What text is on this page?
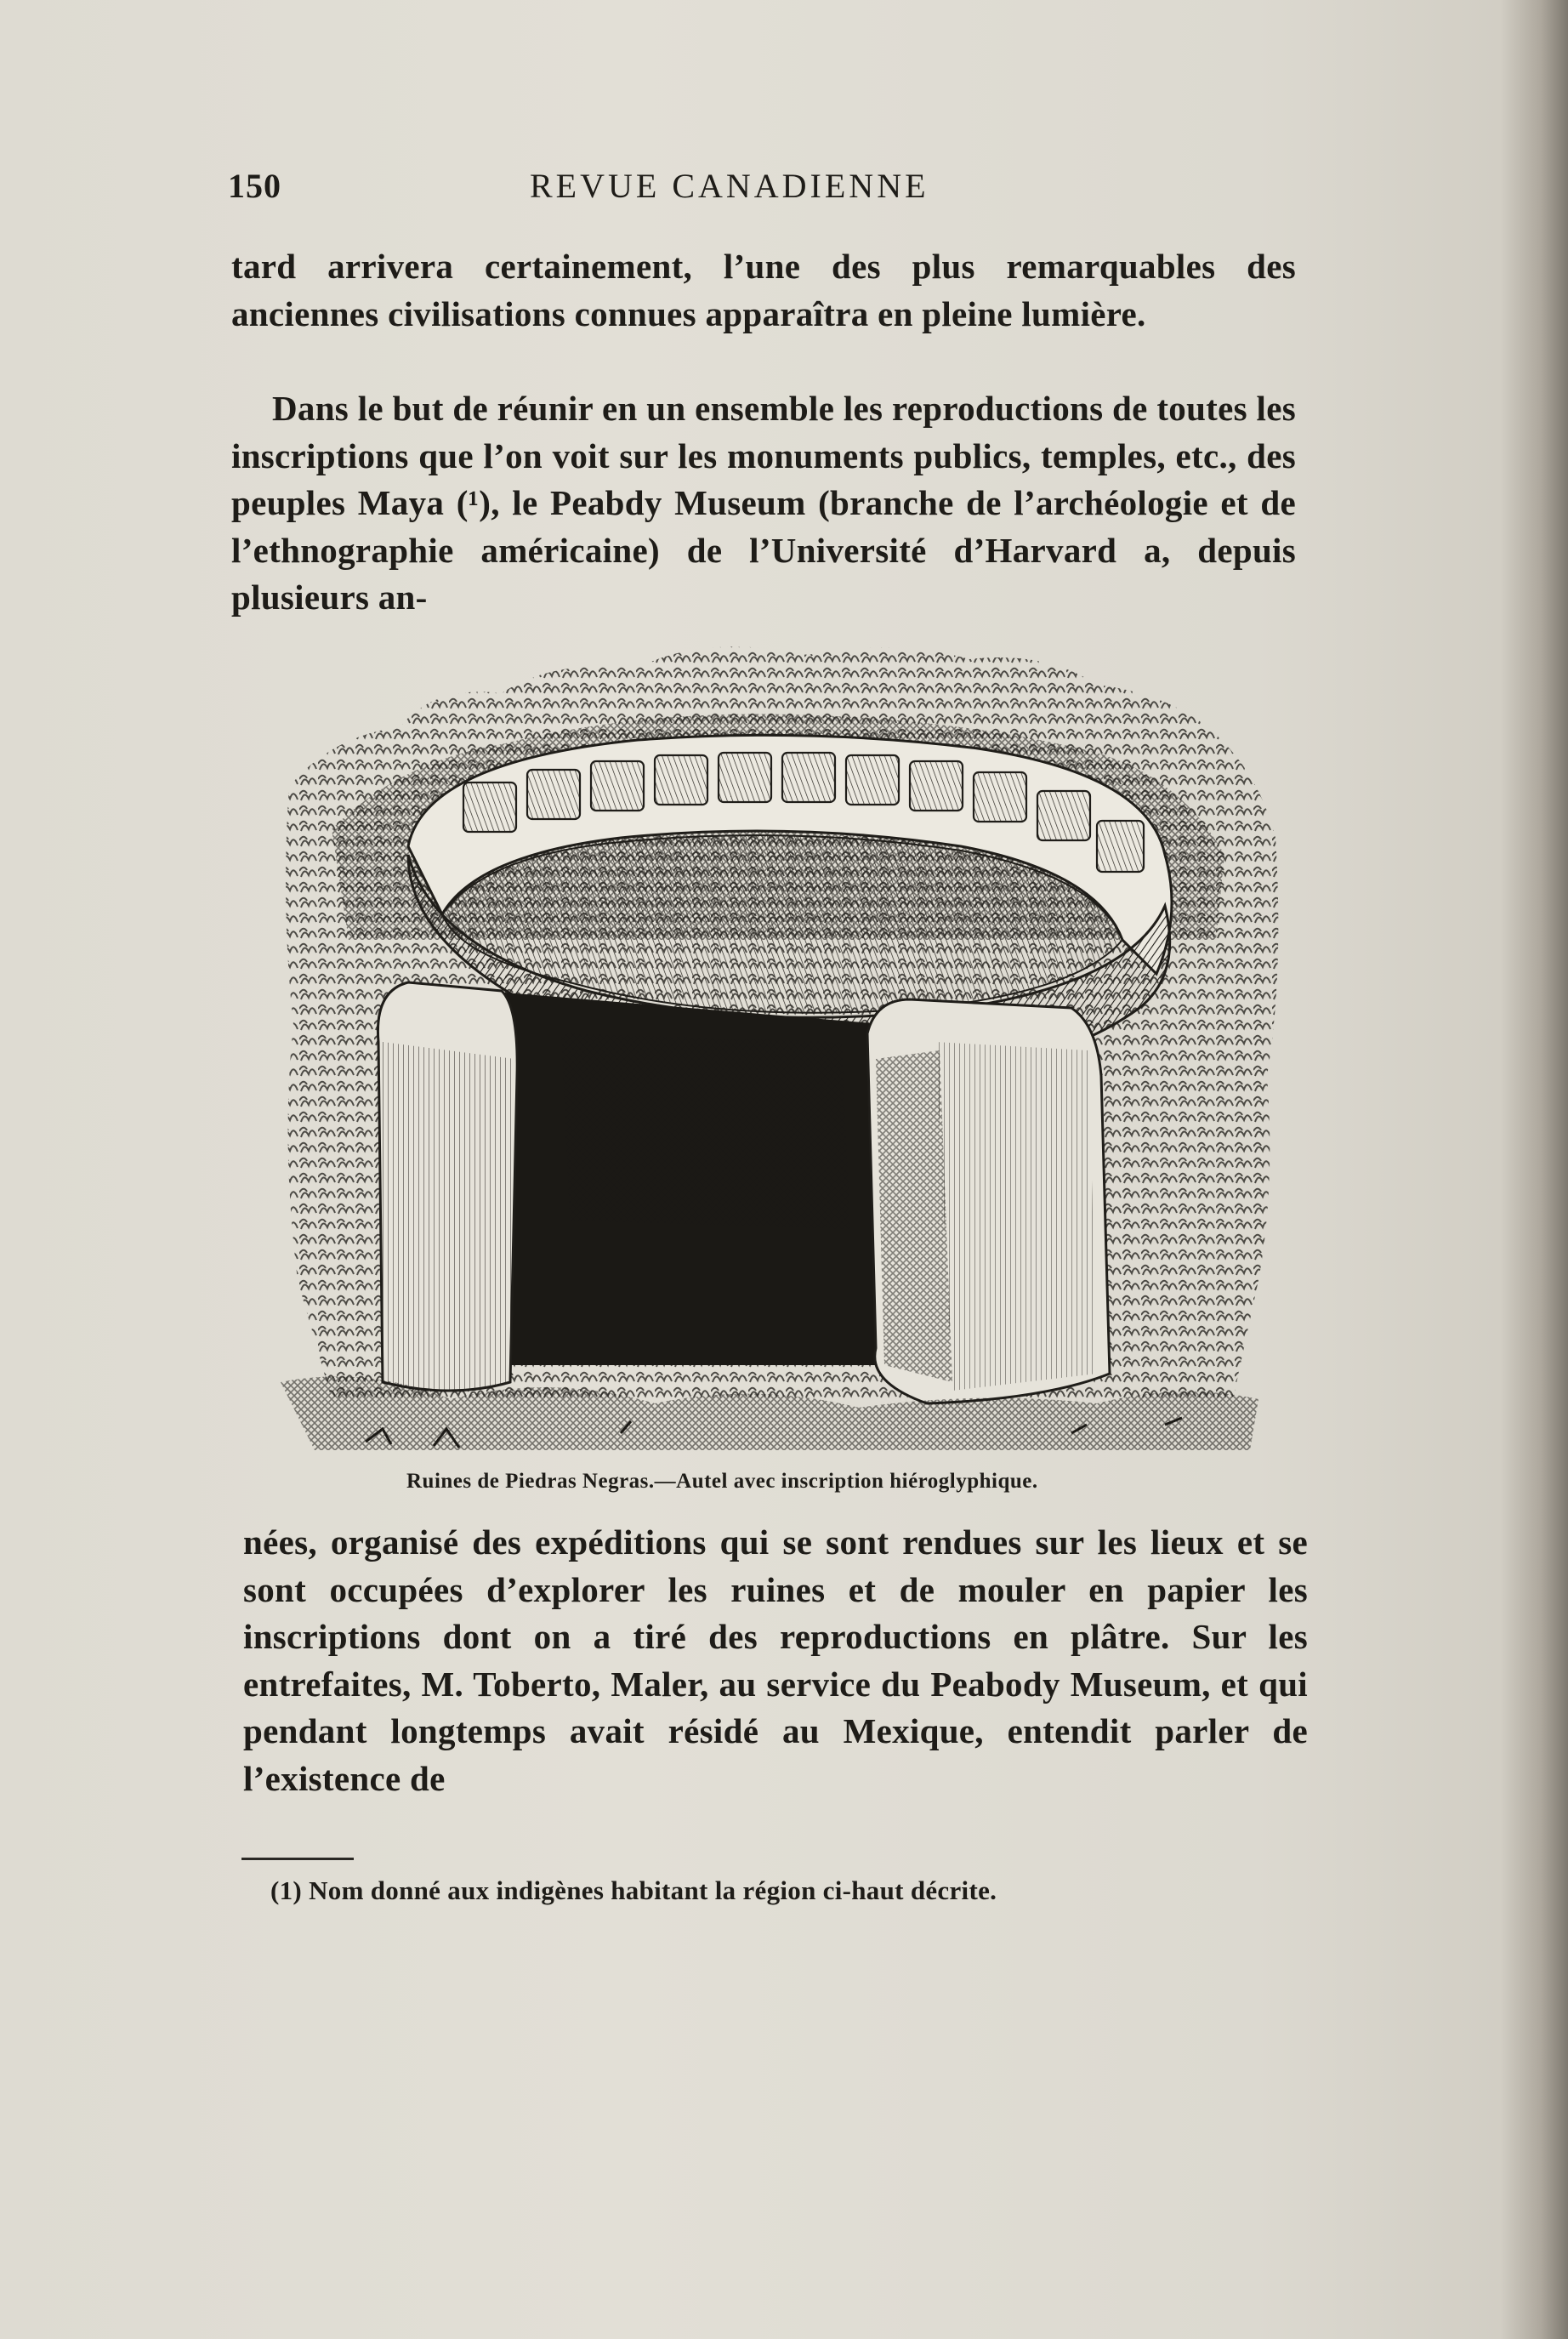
150	REVUE CANADIENNE

tard arrivera certainement, l’une des plus remarquables des anciennes civilisations connues apparaîtra en pleine lumière.

Dans le but de réunir en un ensemble les reproductions de toutes les inscriptions que l’on voit sur les monuments publics, temples, etc., des peuples Maya (¹), le Peabdy Museum (branche de l’archéologie et de l’ethnographie américaine) de l’Université d’Harvard a, depuis plusieurs an-

Ruines de Piedras Negras.—Autel avec inscription hiéroglyphique.

nées, organisé des expéditions qui se sont rendues sur les lieux et se sont occupées d’explorer les ruines et de mouler en papier les inscriptions dont on a tiré des reproductions en plâtre. Sur les entrefaites, M. Toberto, Maler, au service du Peabody Museum, et qui pendant longtemps avait résidé au Mexique, entendit parler de l’existence de

(1) Nom donné aux indigènes habitant la région ci-haut décrite.
